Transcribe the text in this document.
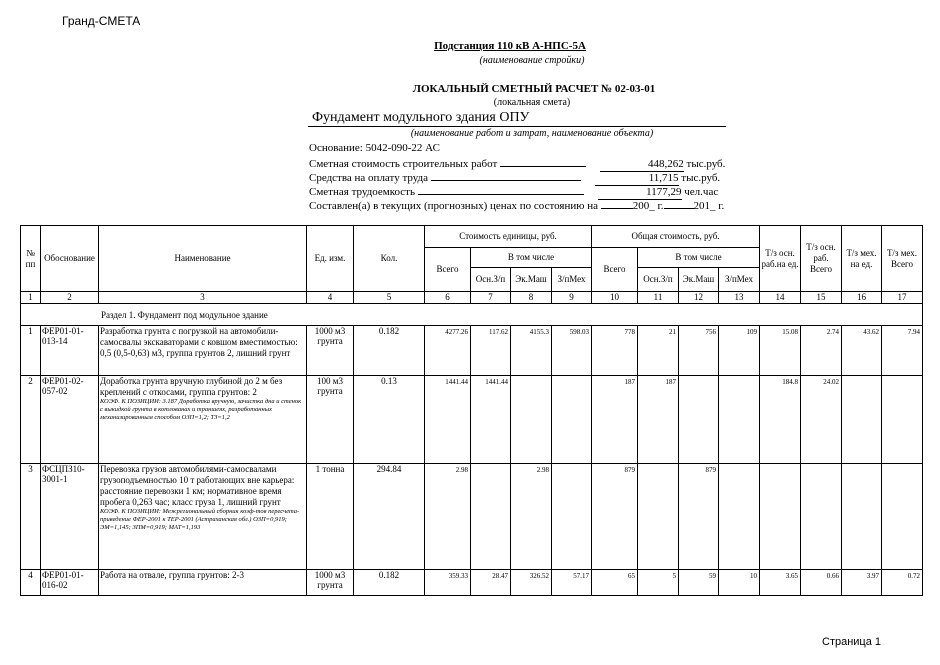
Гранд-СМЕТА
Подстанция 110 кВ А-НПС-5А
(наименование стройки)
ЛОКАЛЬНЫЙ СМЕТНЫЙ РАСЧЕТ № 02-03-01
(локальная смета)
Фундамент модульного здания ОПУ
(наименование работ и затрат, наименование объекта)
Основание: 5042-090-22 АС
Сметная стоимость строительных работ	448,262 тыс.руб.
Средства на оплату труда	11,715 тыс.руб.
Сметная трудоемкость	1177,29 чел.час
Составлен(а) в текущих (прогнозных) ценах по состоянию на	200_ г.	201_ г.
№ пп	Обоснование	Наименование	Ед. изм.	Кол.	Стоимость единицы, руб.				Общая стоимость, руб.				Т/з осн. раб.на ед.	Т/з осн. раб. Всего	Т/з мех. на ед.	Т/з мех. Всего
					Всего	В том числе			Всего	В том числе						
						Осн.З/п	Эк.Маш	З/пМех		Осн.З/п	Эк.Маш	З/пМех				
1	2	3	4	5	6	7	8	9	10	11	12	13	14	15	16	17
Раздел 1. Фундамент под модульное здание																
1	ФЕР01-01-013-14	Разработка грунта с погрузкой на автомобили-самосвалы экскаваторами с ковшом вместимостью: 0,5 (0,5-0,63) м3, группа грунтов 2, лишний грунт	1000 м3 грунта	0.182	4277.26	117.62	4155.3	598.03	778	21	756	109	15.08	2.74	43.62	7.94
2	ФЕР01-02-057-02	Доработка грунта вручную глубиной до 2 м без креплений с откосами, группа грунтов: 2
КОЭФ. К ПОЗИЦИИ: 3.187 Доработка вручную, зачистка дна и стенок с выкидкой грунта в котлованах и траншеях, разработанных механизированным способом ОЗП=1,2; ТЗ=1,2	100 м3 грунта	0.13	1441.44	1441.44			187	187			184.8	24.02		
3	ФСЦПЗ10-3001-1	Перевозка грузов автомобилями-самосвалами грузоподъемностью 10 т работающих вне карьера: расстояние перевозки 1 км; нормативное время пробега 0,263 час; класс груза 1, лишний грунт
КОЭФ. К ПОЗИЦИИ: Межрегиональный сборник коэф-тов пересчета- приведение ФЕР-2001 к ТЕР-2001 (Астраханская обл.) ОЗП=0,919; ЭМ=1,145; ЗПМ=0,919; МАТ=1,193	1 тонна	294.84	2.98		2.98		879		879					
4	ФЕР01-01-016-02	Работа на отвале, группа грунтов: 2-3	1000 м3 грунта	0.182	359.33	28.47	326.52	57.17	65	5	59	10	3.65	0.66	3.97	0.72
Страница 1
